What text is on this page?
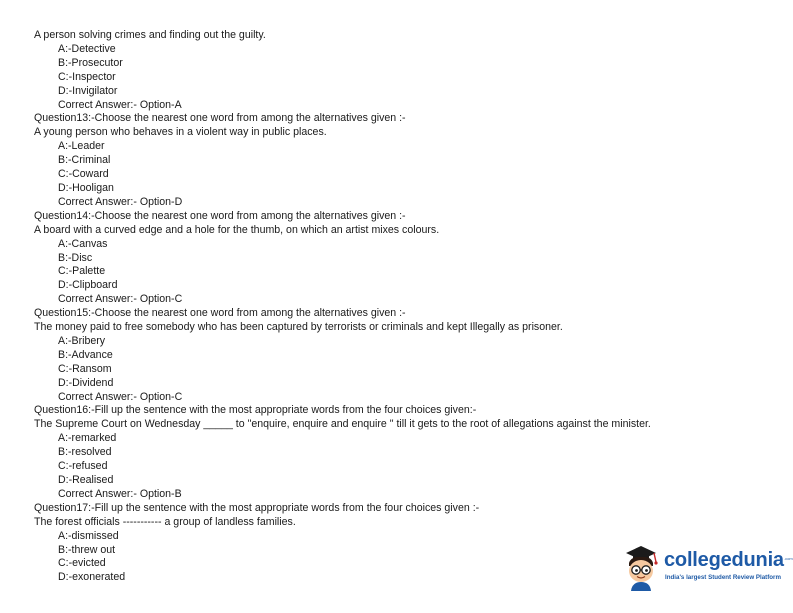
A person solving crimes and finding out the guilty.
A:-Detective
B:-Prosecutor
C:-Inspector
D:-Invigilator
Correct Answer:- Option-A
Question13:-Choose the nearest one word from among the alternatives given :-
A young person who behaves in a violent way in public places.
A:-Leader
B:-Criminal
C:-Coward
D:-Hooligan
Correct Answer:- Option-D
Question14:-Choose the nearest one word from among the alternatives given :-
A board with a curved edge and a hole for the thumb, on which an artist mixes colours.
A:-Canvas
B:-Disc
C:-Palette
D:-Clipboard
Correct Answer:- Option-C
Question15:-Choose the nearest one word from among the alternatives given :-
The money paid to free somebody who has been captured by terrorists or criminals and kept Illegally as prisoner.
A:-Bribery
B:-Advance
C:-Ransom
D:-Dividend
Correct Answer:- Option-C
Question16:-Fill up the sentence with the most appropriate words from the four choices given:-
The Supreme Court on Wednesday _____ to "enquire, enquire and enquire " till it gets to the root of allegations against the minister.
A:-remarked
B:-resolved
C:-refused
D:-Realised
Correct Answer:- Option-B
Question17:-Fill up the sentence with the most appropriate words from the four choices given :-
The forest officials ----------- a group of landless families.
A:-dismissed
B:-threw out
C:-evicted
D:-exonerated
collegedunia .com
India's largest Student Review Platform
